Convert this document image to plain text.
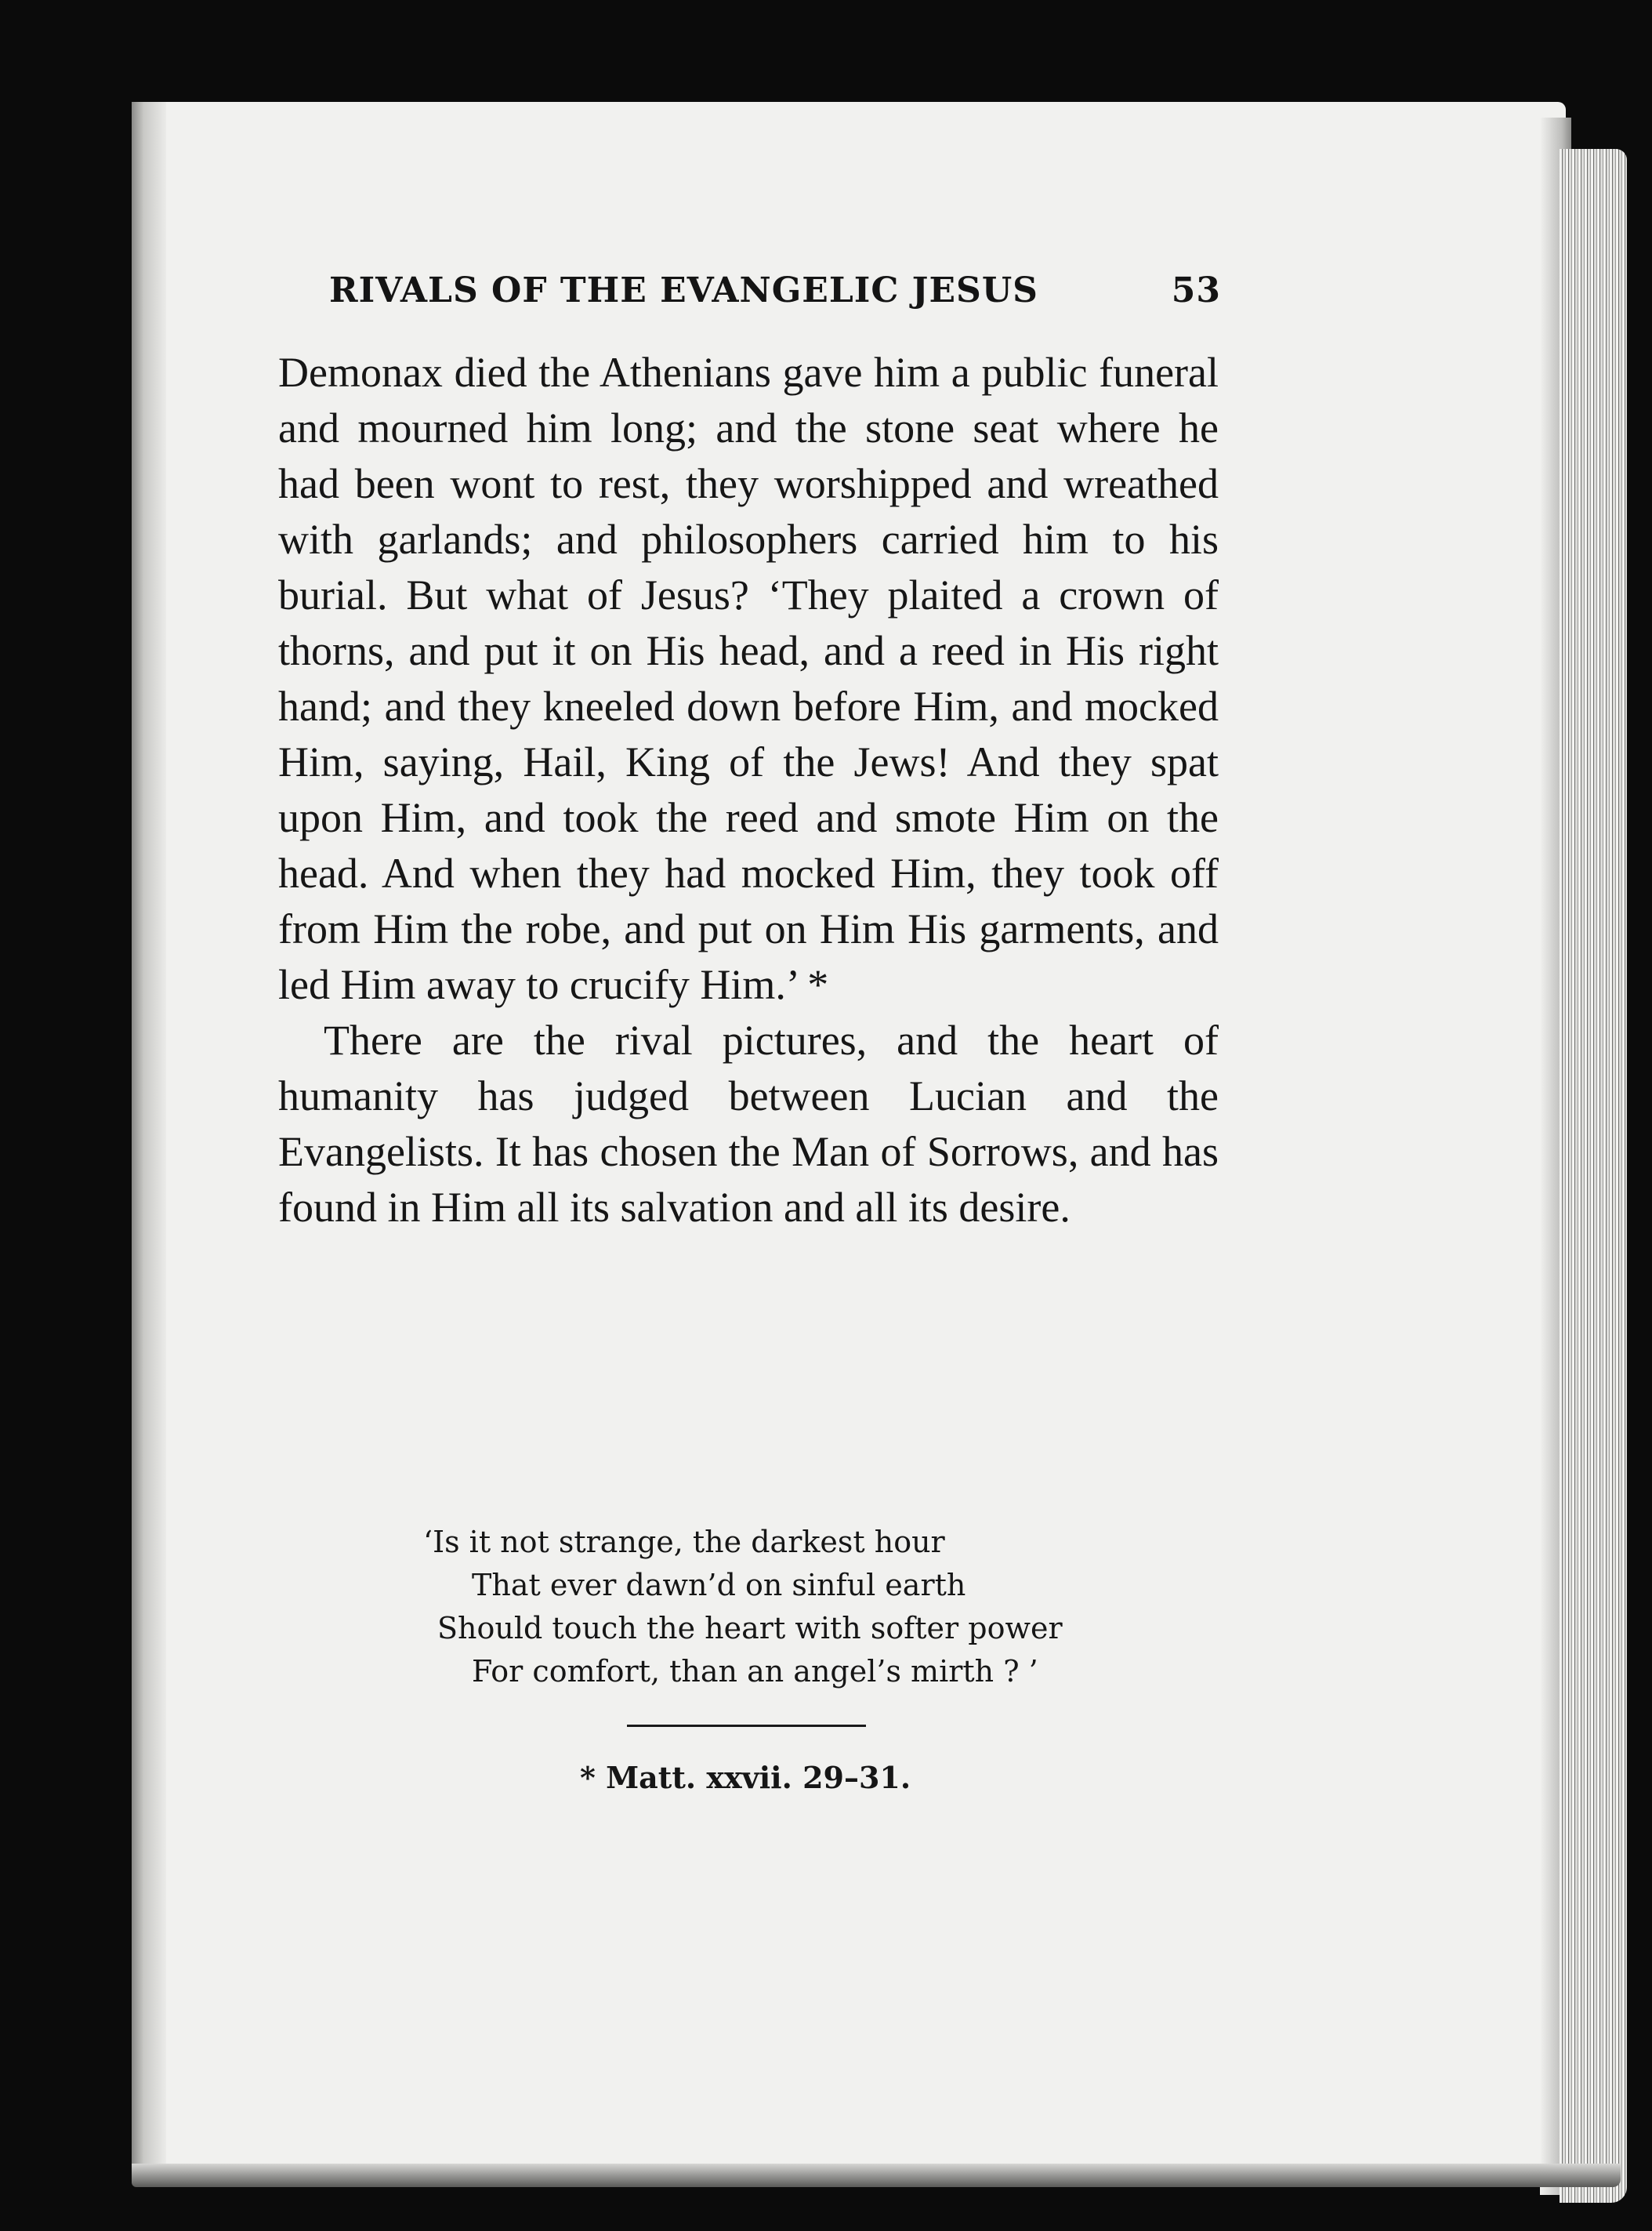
RIVALS OF THE EVANGELIC JESUS	53

Demonax died the Athenians gave him a public funeral and mourned him long; and the stone seat where he had been wont to rest, they worshipped and wreathed with garlands; and philosophers carried him to his burial. But what of Jesus? ‘They plaited a crown of thorns, and put it on His head, and a reed in His right hand; and they kneeled down before Him, and mocked Him, saying, Hail, King of the Jews! And they spat upon Him, and took the reed and smote Him on the head. And when they had mocked Him, they took off from Him the robe, and put on Him His garments, and led Him away to crucify Him.’ *

There are the rival pictures, and the heart of humanity has judged between Lucian and the Evangelists. It has chosen the Man of Sorrows, and has found in Him all its salvation and all its desire.

‘Is it not strange, the darkest hour
That ever dawn’d on sinful earth
Should touch the heart with softer power
For comfort, than an angel’s mirth ? ’
* Matt. xxvii. 29–31.
